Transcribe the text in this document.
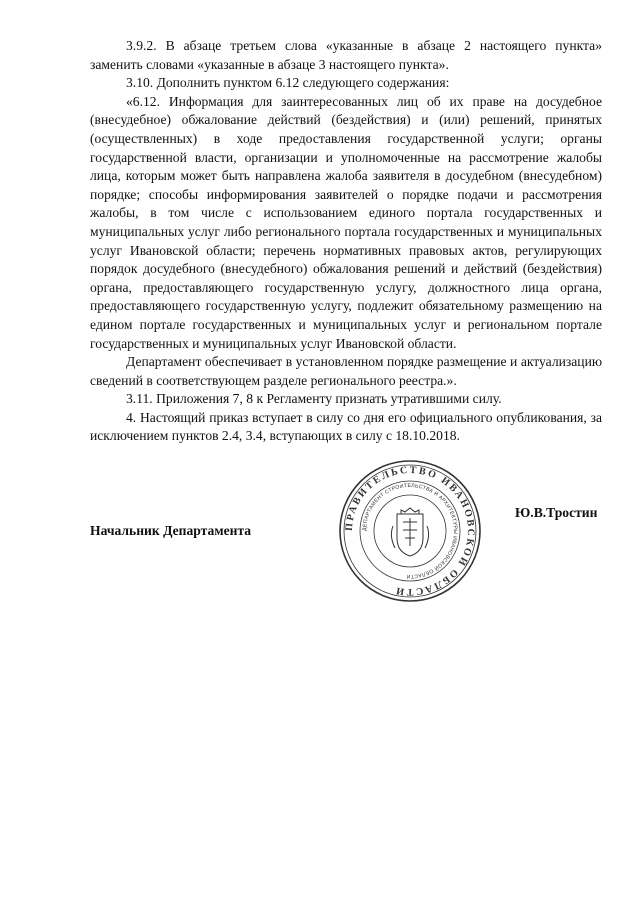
3.9.2. В абзаце третьем слова «указанные в абзаце 2 настоящего пункта» заменить словами «указанные в абзаце 3 настоящего пункта».

3.10. Дополнить пунктом 6.12 следующего содержания:

«6.12. Информация для заинтересованных лиц об их праве на досудебное (внесудебное) обжалование действий (бездействия) и (или) решений, принятых (осуществленных) в ходе предоставления государственной услуги; органы государственной власти, организации и уполномоченные на рассмотрение жалобы лица, которым может быть направлена жалоба заявителя в досудебном (внесудебном) порядке; способы информирования заявителей о порядке подачи и рассмотрения жалобы, в том числе с использованием единого портала государственных и муниципальных услуг либо регионального портала государственных и муниципальных услуг Ивановской области; перечень нормативных правовых актов, регулирующих порядок досудебного (внесудебного) обжалования решений и действий (бездействия) органа, предоставляющего государственную услугу, должностного лица органа, предоставляющего государственную услугу, подлежит обязательному размещению на едином портале государственных и муниципальных услуг и региональном портале государственных и муниципальных услуг Ивановской области.

Департамент обеспечивает в установленном порядке размещение и актуализацию сведений в соответствующем разделе регионального реестра.».

3.11. Приложения 7, 8 к Регламенту признать утратившими силу.

4. Настоящий приказ вступает в силу со дня его официального опубликования, за исключением пунктов 2.4, 3.4, вступающих в силу с 18.10.2018.

Начальник Департамента
Ю.В.Тростин
ПРАВИТЕЛЬСТВО ИВАНОВСКОЙ ОБЛАСТИ
ДЕПАРТАМЕНТ СТРОИТЕЛЬСТВА И АРХИТЕКТУРЫ ИВАНОВСКОЙ ОБЛАСТИ
